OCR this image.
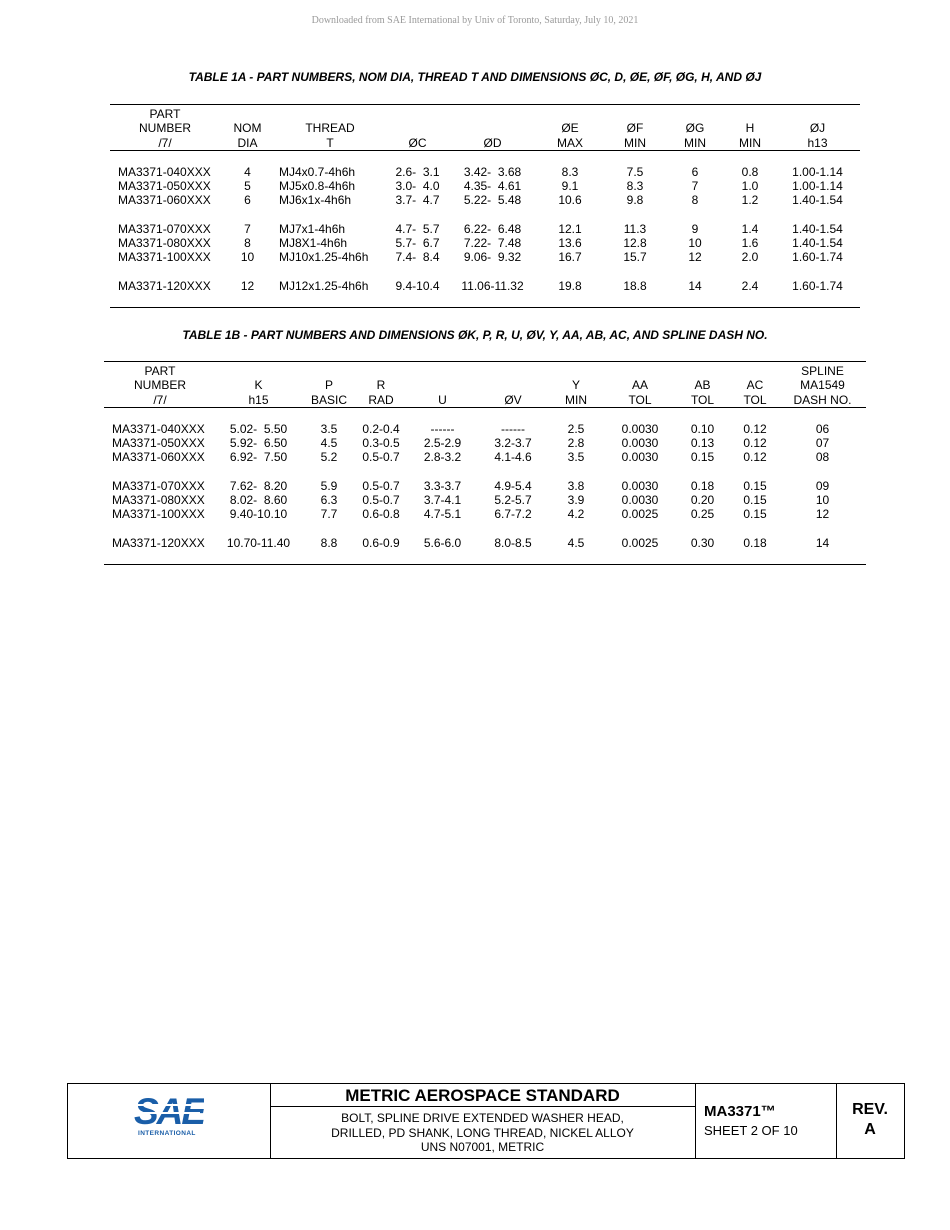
Downloaded from SAE International by Univ of Toronto, Saturday, July 10, 2021
TABLE 1A - PART NUMBERS, NOM DIA, THREAD T AND DIMENSIONS ØC, D, ØE, ØF, ØG, H, AND ØJ
PART									
NUMBER	NOM	THREAD			ØE	ØF	ØG	H	ØJ
/7/	DIA	T	ØC	ØD	MAX	MIN	MIN	MIN	h13

MA3371-040XXX	4	MJ4x0.7-4h6h	2.6-  3.1	3.42-  3.68	8.3	7.5	6	0.8	1.00-1.14
MA3371-050XXX	5	MJ5x0.8-4h6h	3.0-  4.0	4.35-  4.61	9.1	8.3	7	1.0	1.00-1.14
MA3371-060XXX	6	MJ6x1x-4h6h	3.7-  4.7	5.22-  5.48	10.6	9.8	8	1.2	1.40-1.54

MA3371-070XXX	7	MJ7x1-4h6h	4.7-  5.7	6.22-  6.48	12.1	11.3	9	1.4	1.40-1.54
MA3371-080XXX	8	MJ8X1-4h6h	5.7-  6.7	7.22-  7.48	13.6	12.8	10	1.6	1.40-1.54
MA3371-100XXX	10	MJ10x1.25-4h6h	7.4-  8.4	9.06-  9.32	16.7	15.7	12	2.0	1.60-1.74

MA3371-120XXX	12	MJ12x1.25-4h6h	9.4-10.4	11.06-11.32	19.8	18.8	14	2.4	1.60-1.74

TABLE 1B - PART NUMBERS AND DIMENSIONS ØK, P, R, U, ØV, Y, AA, AB, AC, AND SPLINE DASH NO.
PART										SPLINE
NUMBER	K	P	R			Y	AA	AB	AC	MA1549
/7/	h15	BASIC	RAD	U	ØV	MIN	TOL	TOL	TOL	DASH NO.

MA3371-040XXX	5.02-  5.50	3.5	0.2-0.4	------	------	2.5	0.0030	0.10	0.12	06
MA3371-050XXX	5.92-  6.50	4.5	0.3-0.5	2.5-2.9	3.2-3.7	2.8	0.0030	0.13	0.12	07
MA3371-060XXX	6.92-  7.50	5.2	0.5-0.7	2.8-3.2	4.1-4.6	3.5	0.0030	0.15	0.12	08

MA3371-070XXX	7.62-  8.20	5.9	0.5-0.7	3.3-3.7	4.9-5.4	3.8	0.0030	0.18	0.15	09
MA3371-080XXX	8.02-  8.60	6.3	0.5-0.7	3.7-4.1	5.2-5.7	3.9	0.0030	0.20	0.15	10
MA3371-100XXX	9.40-10.10	7.7	0.6-0.8	4.7-5.1	6.7-7.2	4.2	0.0025	0.25	0.15	12

MA3371-120XXX	10.70-11.40	8.8	0.6-0.9	5.6-6.0	8.0-8.5	4.5	0.0025	0.30	0.18	14

SAE
INTERNATIONAL
METRIC AEROSPACE STANDARD
BOLT, SPLINE DRIVE EXTENDED WASHER HEAD,
DRILLED, PD SHANK, LONG THREAD, NICKEL ALLOY
UNS N07001, METRIC
MA3371™
SHEET 2 OF 10
REV.
A
